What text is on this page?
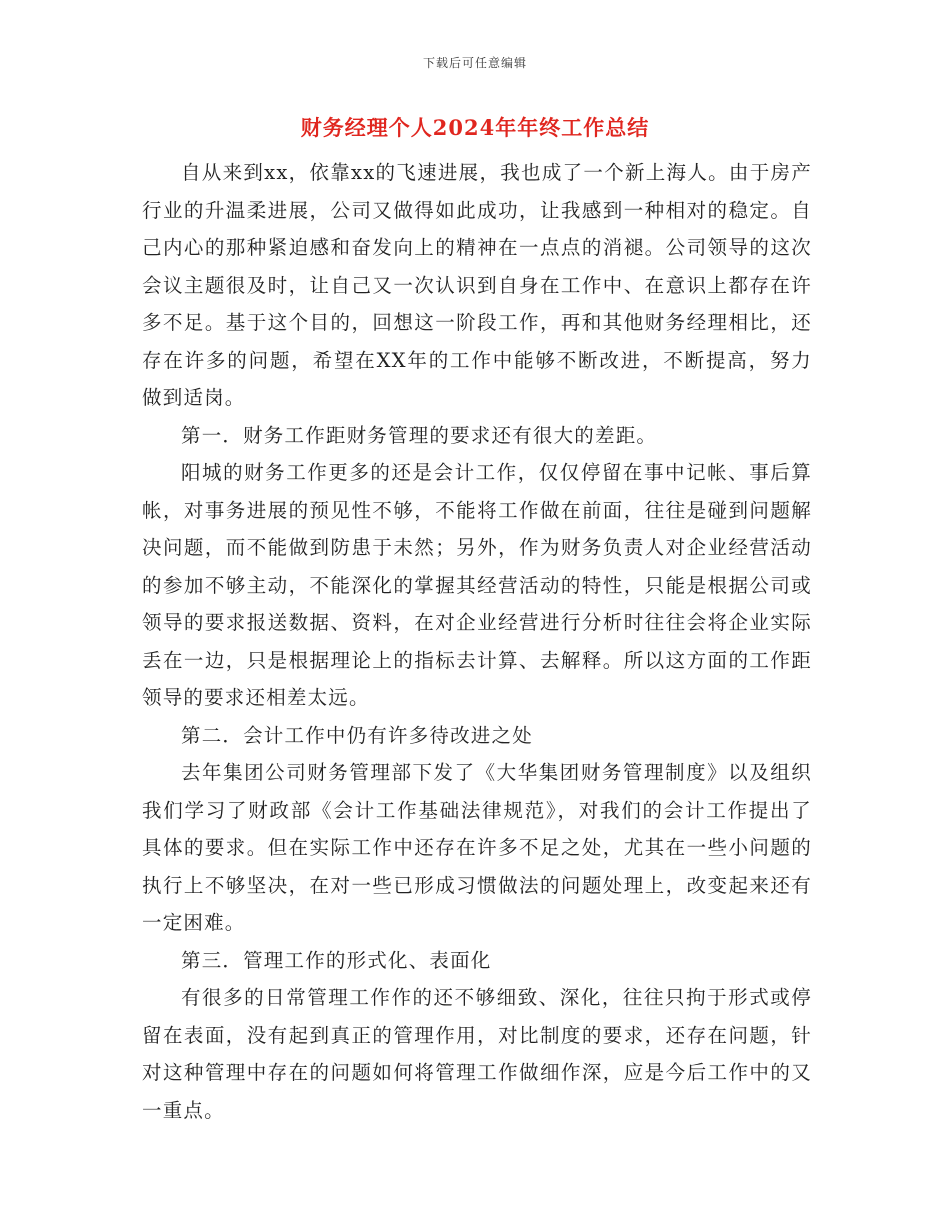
下载后可任意编辑
财务经理个人2024年年终工作总结

自从来到xx，依靠xx的飞速进展，我也成了一个新上海人。由于房产行业的升温柔进展，公司又做得如此成功，让我感到一种相对的稳定。自己内心的那种紧迫感和奋发向上的精神在一点点的消褪。公司领导的这次会议主题很及时，让自己又一次认识到自身在工作中、在意识上都存在许多不足。基于这个目的，回想这一阶段工作，再和其他财务经理相比，还存在许多的问题，希望在XX年的工作中能够不断改进，不断提高，努力做到适岗。

第一．财务工作距财务管理的要求还有很大的差距。

阳城的财务工作更多的还是会计工作，仅仅停留在事中记帐、事后算帐，对事务进展的预见性不够，不能将工作做在前面，往往是碰到问题解决问题，而不能做到防患于未然；另外，作为财务负责人对企业经营活动的参加不够主动，不能深化的掌握其经营活动的特性，只能是根据公司或领导的要求报送数据、资料，在对企业经营进行分析时往往会将企业实际丢在一边，只是根据理论上的指标去计算、去解释。所以这方面的工作距领导的要求还相差太远。

第二．会计工作中仍有许多待改进之处

去年集团公司财务管理部下发了《大华集团财务管理制度》以及组织我们学习了财政部《会计工作基础法律规范》，对我们的会计工作提出了具体的要求。但在实际工作中还存在许多不足之处，尤其在一些小问题的执行上不够坚决，在对一些已形成习惯做法的问题处理上，改变起来还有一定困难。

第三．管理工作的形式化、表面化

有很多的日常管理工作作的还不够细致、深化，往往只拘于形式或停留在表面，没有起到真正的管理作用，对比制度的要求，还存在问题，针对这种管理中存在的问题如何将管理工作做细作深，应是今后工作中的又一重点。
